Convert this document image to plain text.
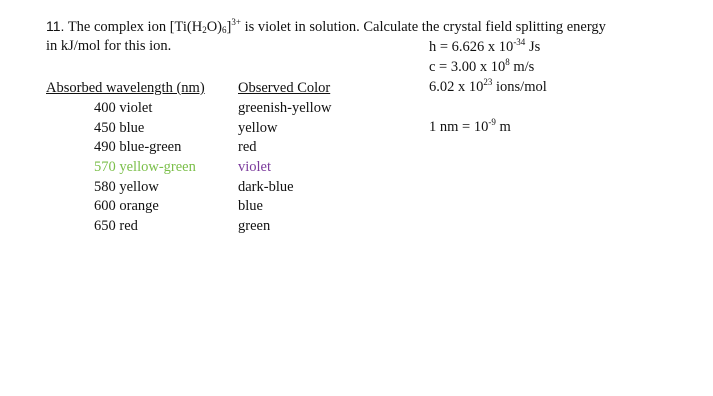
11. The complex ion $[Ti(H_2O)_6]^{3+}$ is violet in solution. Calculate the crystal field splitting energy
in kJ/mol for this ion.	h = 6.626 x $10^{-34}$ Js
c = 3.00 x $10^8$ m/s
6.02 x $10^{23}$ ions/mol
1 nm = $10^{-9}$ m
Absorbed wavelength (nm) Observed Color
400 violet
450 blue
490 blue-green
570 yellow-green
580 yellow
600 orange
650 red
greenish-yellow
yellow
red
violet
dark-blue
blue
green
